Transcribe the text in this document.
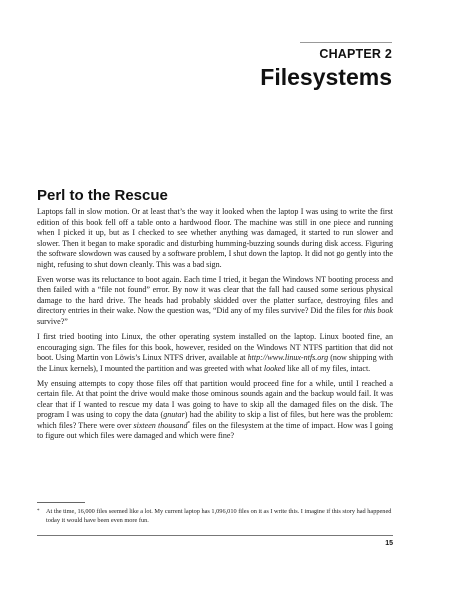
CHAPTER 2
Filesystems
Perl to the Rescue

Laptops fall in slow motion. Or at least that’s the way it looked when the laptop I was using to write the first edition of this book fell off a table onto a hardwood floor. The machine was still in one piece and running when I picked it up, but as I checked to see whether anything was damaged, it started to run slower and slower. Then it began to make sporadic and disturbing humming-buzzing sounds during disk access. Figuring the software slowdown was caused by a software problem, I shut down the laptop. It did not go gently into the night, refusing to shut down cleanly. This was a bad sign.

Even worse was its reluctance to boot again. Each time I tried, it began the Windows NT booting process and then failed with a “file not found” error. By now it was clear that the fall had caused some serious physical damage to the hard drive. The heads had probably skidded over the platter surface, destroying files and directory entries in their wake. Now the question was, “Did any of my files survive? Did the files for this book survive?”

I first tried booting into Linux, the other operating system installed on the laptop. Linux booted fine, an encouraging sign. The files for this book, however, resided on the Windows NT NTFS partition that did not boot. Using Martin von Löwis’s Linux NTFS driver, available at http://www.linux-ntfs.org (now shipping with the Linux kernels), I mounted the partition and was greeted with what looked like all of my files, intact.

My ensuing attempts to copy those files off that partition would proceed fine for a while, until I reached a certain file. At that point the drive would make those ominous sounds again and the backup would fail. It was clear that if I wanted to rescue my data I was going to have to skip all the damaged files on the disk. The program I was using to copy the data (gnutar) had the ability to skip a list of files, but here was the problem: which files? There were over sixteen thousand* files on the filesystem at the time of impact. How was I going to figure out which files were damaged and which were fine?

* At the time, 16,000 files seemed like a lot. My current laptop has 1,096,010 files on it as I write this. I imagine if this story had happened today it would have been even more fun.
15
